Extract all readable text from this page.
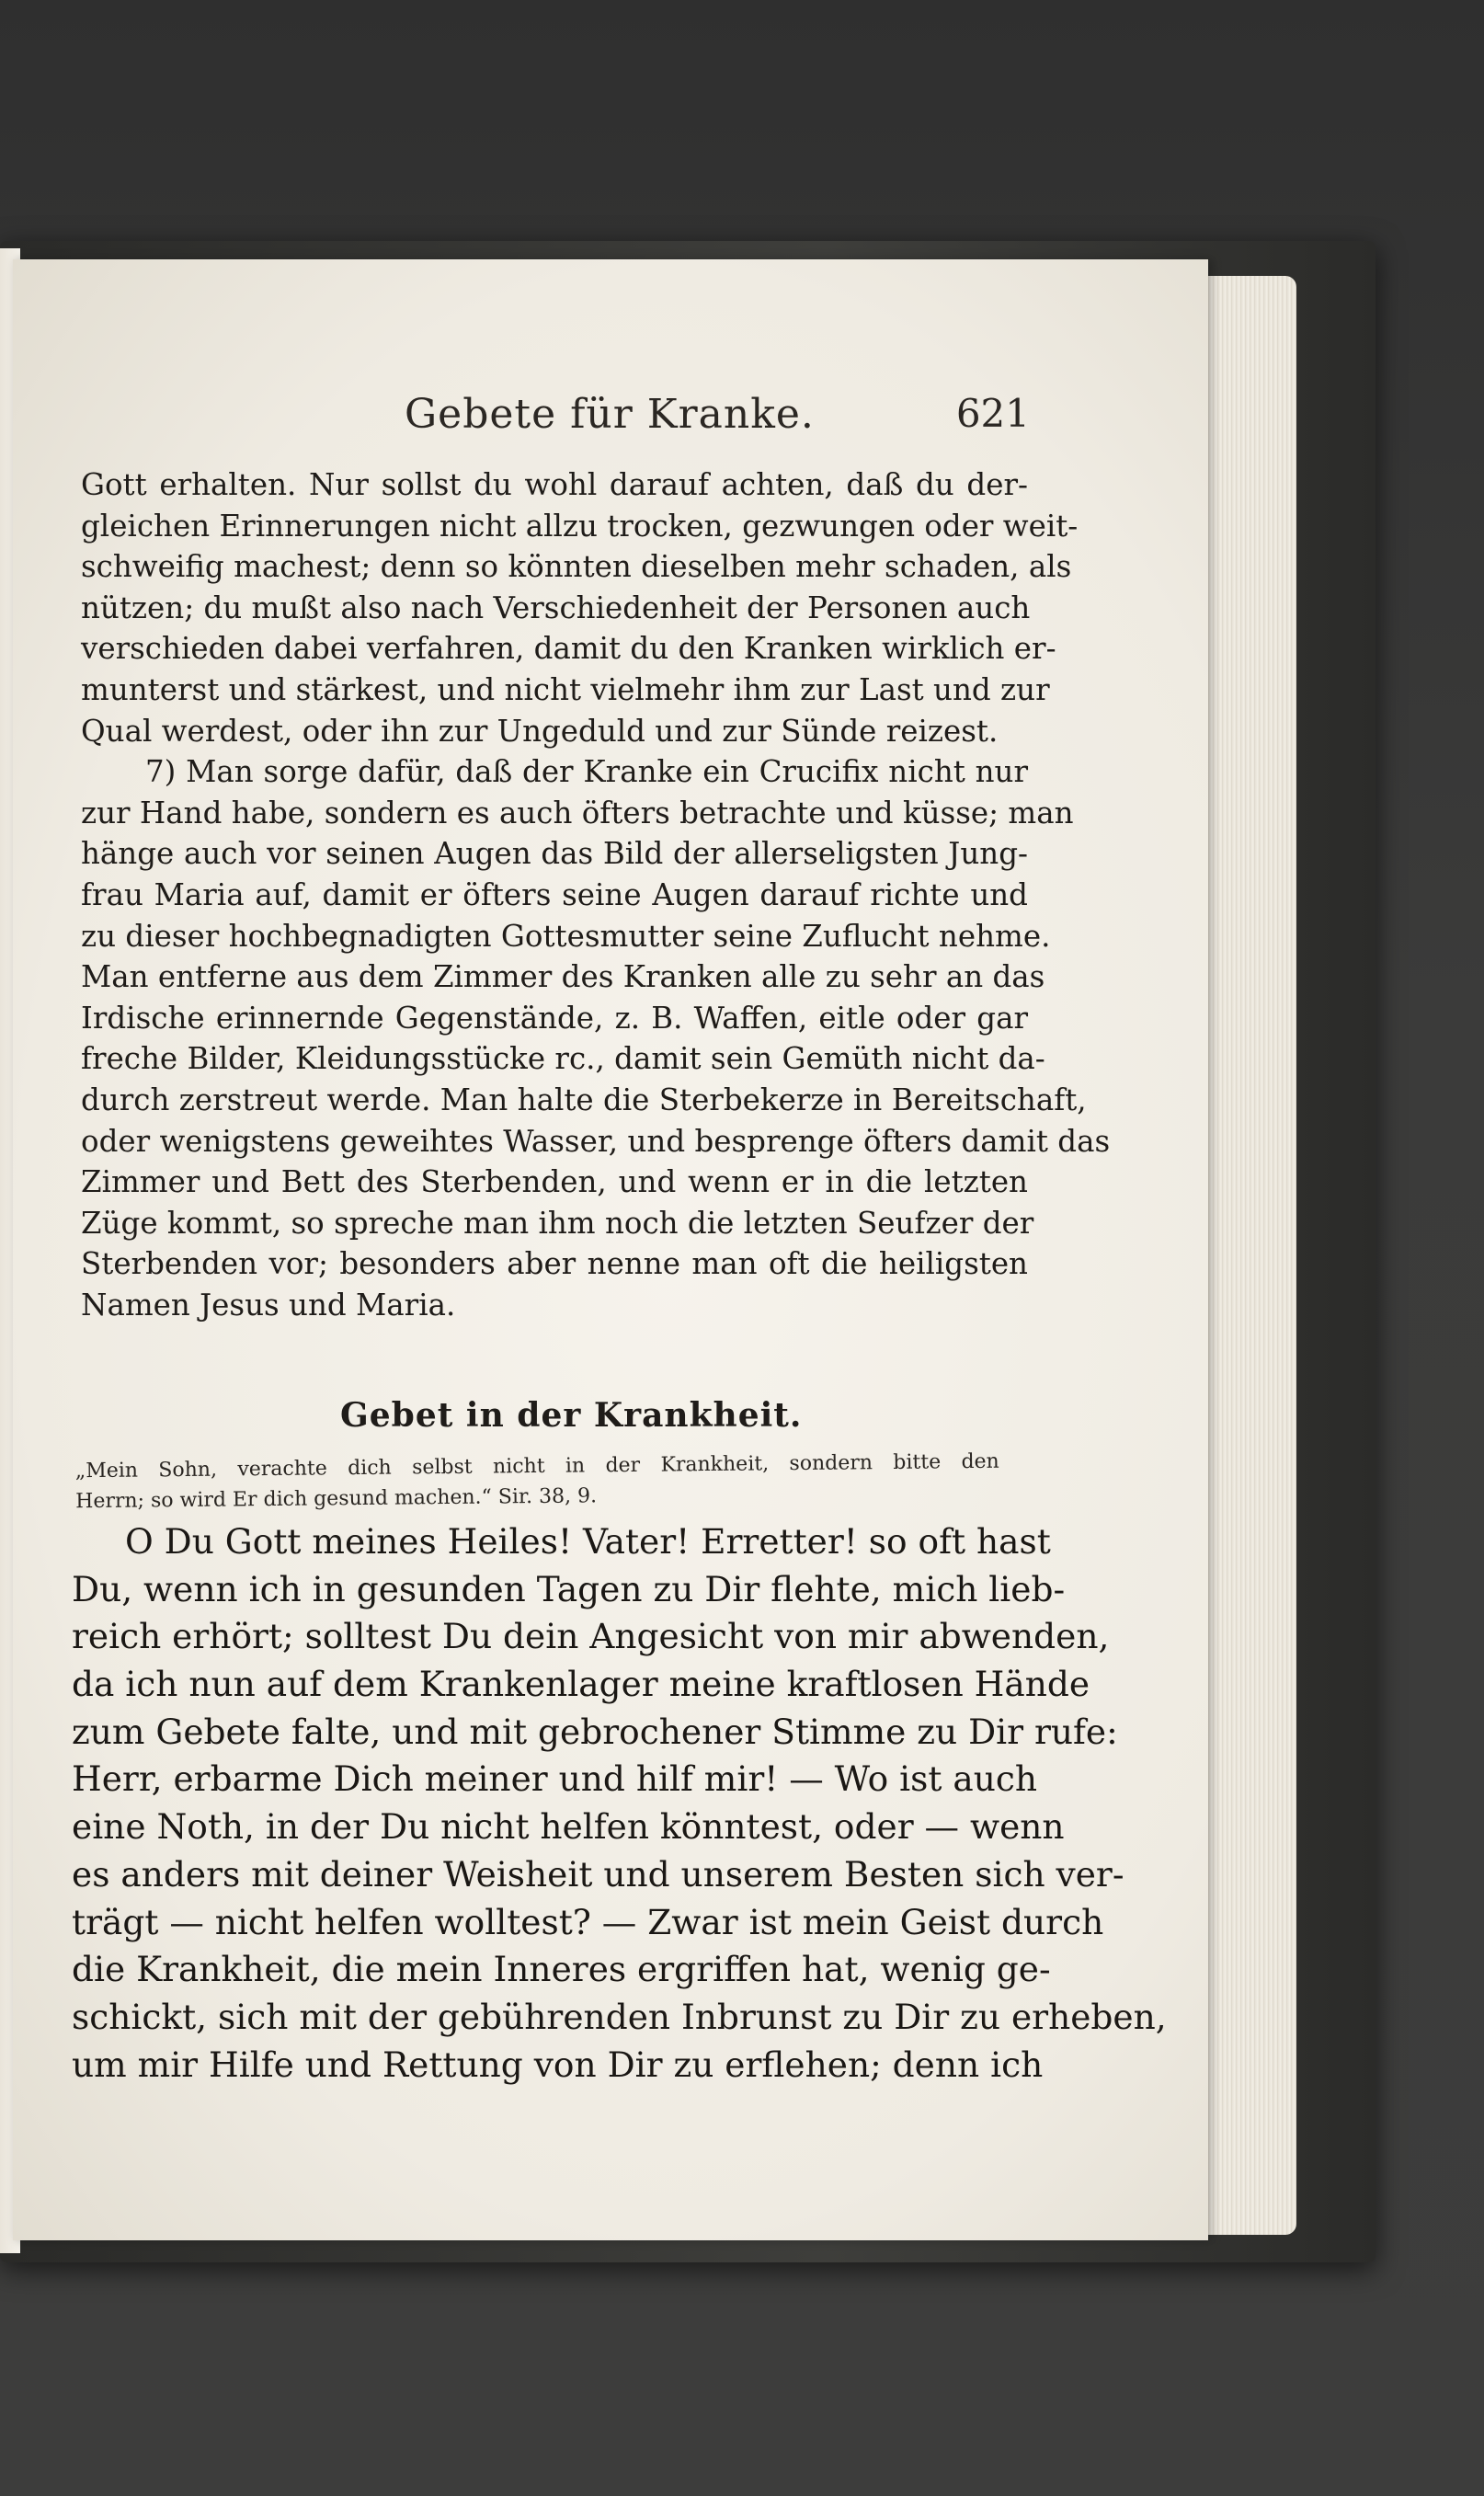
Gebete für Kranke.	621
Gott erhalten. Nur sollst du wohl darauf achten, daß du der-
gleichen Erinnerungen nicht allzu trocken, gezwungen oder weit-
schweifig machest; denn so könnten dieselben mehr schaden, als
nützen; du mußt also nach Verschiedenheit der Personen auch
verschieden dabei verfahren, damit du den Kranken wirklich er-
munterst und stärkest, und nicht vielmehr ihm zur Last und zur
Qual werdest, oder ihn zur Ungeduld und zur Sünde reizest.
7) Man sorge dafür, daß der Kranke ein Crucifix nicht nur
zur Hand habe, sondern es auch öfters betrachte und küsse; man
hänge auch vor seinen Augen das Bild der allerseligsten Jung-
frau Maria auf, damit er öfters seine Augen darauf richte und
zu dieser hochbegnadigten Gottesmutter seine Zuflucht nehme.
Man entferne aus dem Zimmer des Kranken alle zu sehr an das
Irdische erinnernde Gegenstände, z. B. Waffen, eitle oder gar
freche Bilder, Kleidungsstücke rc., damit sein Gemüth nicht da-
durch zerstreut werde. Man halte die Sterbekerze in Bereitschaft,
oder wenigstens geweihtes Wasser, und besprenge öfters damit das
Zimmer und Bett des Sterbenden, und wenn er in die letzten
Züge kommt, so spreche man ihm noch die letzten Seufzer der
Sterbenden vor; besonders aber nenne man oft die heiligsten
Namen Jesus und Maria.
Gebet in der Krankheit.
„Mein Sohn, verachte dich selbst nicht in der Krankheit, sondern bitte den
Herrn; so wird Er dich gesund machen.“ Sir. 38, 9.
O Du Gott meines Heiles! Vater! Erretter! so oft hast
Du, wenn ich in gesunden Tagen zu Dir flehte, mich lieb-
reich erhört; solltest Du dein Angesicht von mir abwenden,
da ich nun auf dem Krankenlager meine kraftlosen Hände
zum Gebete falte, und mit gebrochener Stimme zu Dir rufe:
Herr, erbarme Dich meiner und hilf mir! — Wo ist auch
eine Noth, in der Du nicht helfen könntest, oder — wenn
es anders mit deiner Weisheit und unserem Besten sich ver-
trägt — nicht helfen wolltest? — Zwar ist mein Geist durch
die Krankheit, die mein Inneres ergriffen hat, wenig ge-
schickt, sich mit der gebührenden Inbrunst zu Dir zu erheben,
um mir Hilfe und Rettung von Dir zu erflehen; denn ich
